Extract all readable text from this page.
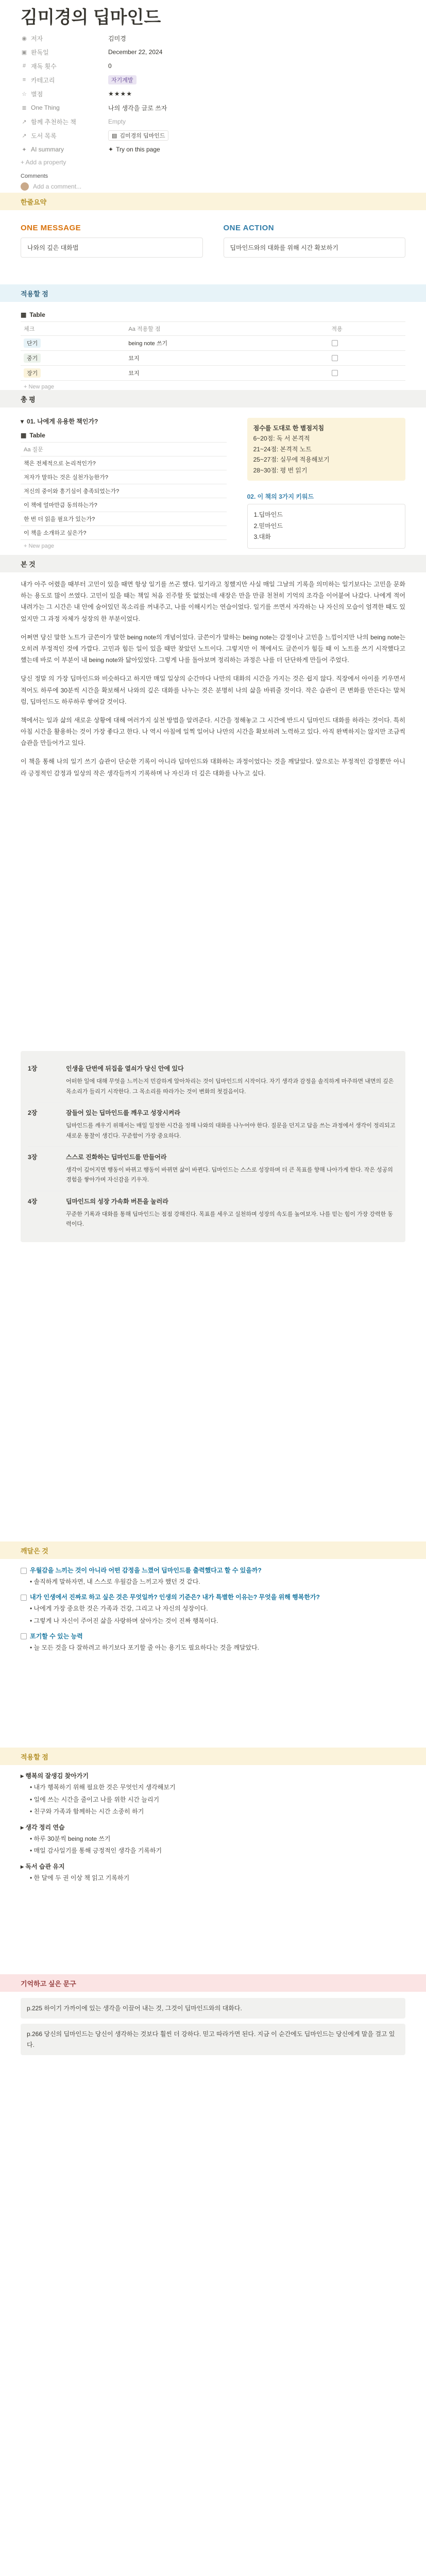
김미경의 딥마인드
◉ 저자	김미경
▣ 완독일	December 22, 2024
# 재독 횟수	0
≡ 카테고리	자기계발
☆ 별점	★★★★
≣ One Thing	나의 생각을 글로 쓰자
↗ 함께 추천하는 책	Empty
↗ 도서 목록	▤ 김미경의 딥마인드
✦ AI summary	✦ Try on this page
+ Add a property
Comments
Add a comment...
한줄요약
ONE MESSAGE
나와의 깊은 대화법
ONE ACTION
딥마인드와의 대화를 위해 시간 확보하기
적용할 점
▦ Table
체크	Aa 적용할 점	적용
단기	being note 쓰기	
중기	묘지	
장기	묘지	
+ New page
총 평
▾ 01. 나에게 유용한 책인가?
▦ Table
Aa 질문	
책은 전체적으로 논리적인가?	
저자가 말하는 것은 실천가능한가?	
저신의 중이와 흥기심이 충족되었는가?	
이 책에 얼마만큼 동의하는가?	
한 번 더 읽을 필요가 있는가?	
이 책을 소개하고 싶은가?	
+ New page
점수를 도대로 한 별점지침
6~20점: 독 서 본격적
21~24점: 본격적 노트
25~27점: 실무에 적용해보기
28~30점: 평 번 읽기
02. 이 책의 3가지 키워드
1.딥마인드
2.믿마인드
3.대화
본 것

내가 아주 어렸을 때부터 고민이 있을 때면 항상 일기를 쓰곤 했다. 일기라고 칭했지만 사실 매일 그날의 기록을 의미하는 일기보다는 고민을 문화하는 용도로 많이 쓰였다. 고민이 있을 때는 책일 처음 진주할 뜻 없었는데 새장은 만을 만큼 천천히 기억의 조각을 이어붙여 나갔다. 나에게 적어 내려가는 그 시간은 내 안에 숨어있던 목소리를 꺼내주고, 나를 이해시키는 연습이었다. 일기를 쓰면서 자각하는 나 자신의 모습이 엄격한 때도 있었지만 그 과정 자체가 성장의 한 부분이었다.

어쩌면 당신 말한 노트가 글쓴이가 말한 being note의 개념이었다. 글쓴이가 말하는 being note는 감정이나 고민을 느낌이지만 나의 being note는 오히려 부정적인 것에 가깝다. 고민과 힘든 일이 있을 때만 찾았던 노트이다. 그렇지만 이 책에서도 글쓴이가 힘들 때 이 노트를 쓰기 시작했다고 했는데 바로 이 부분이 내 being note와 닮아있었다. 그렇게 나를 돌아보며 정리하는 과정은 나를 더 단단하게 만들어 주었다.

당신 정말 의 가장 딥마인드와 비슷하다고 하지만 매일 일상의 순간마다 나만의 대화의 시간을 가지는 것은 쉽지 않다. 직장에서 아이를 키우면서 적어도 하루에 30분씩 시간을 확보해서 나와의 깊은 대화를 나누는 것은 분명히 나의 삶을 바꿔줄 것이다. 작은 습관이 큰 변화를 만든다는 말처럼, 딥마인드도 하루하루 쌓여갈 것이다.

책에서는 일과 삶의 새로운 상황에 대해 여러가지 실천 방법을 알려준다. 시간을 정해놓고 그 시간에 반드시 딥마인드 대화를 하라는 것이다. 특히 아침 시간을 활용하는 것이 가장 좋다고 한다. 나 역시 아침에 일찍 일어나 나만의 시간을 확보하려 노력하고 있다. 아직 완벽하지는 않지만 조금씩 습관을 만들어가고 있다.

이 책을 통해 나의 일기 쓰기 습관이 단순한 기록이 아니라 딥마인드와 대화하는 과정이었다는 것을 깨달았다. 앞으로는 부정적인 감정뿐만 아니라 긍정적인 감정과 일상의 작은 생각들까지 기록하며 나 자신과 더 깊은 대화를 나누고 싶다.

1장	인생을 단번에 뒤집을 열쇠가 당신 안에 있다
어떠한 일에 대해 무엇을 느끼는지 민감하게 알아차리는 것이 딥마인드의 시작이다. 자기 생각과 감정을 솔직하게 마주하면 내면의 깊은 목소리가 들리기 시작한다. 그 목소리를 따라가는 것이 변화의 첫걸음이다.
2장	잠들어 있는 딥마인드를 깨우고 성장시켜라
딥마인드를 깨우기 위해서는 매일 일정한 시간을 정해 나와의 대화를 나누어야 한다. 질문을 던지고 답을 쓰는 과정에서 생각이 정리되고 새로운 통찰이 생긴다. 꾸준함이 가장 중요하다.
3장	스스로 진화하는 딥마인드를 만들어라
생각이 깊어지면 행동이 바뀌고 행동이 바뀌면 삶이 바뀐다. 딥마인드는 스스로 성장하며 더 큰 목표를 향해 나아가게 한다. 작은 성공의 경험을 쌓아가며 자신감을 키우자.
4장	딥마인드의 성장 가속화 버튼을 눌러라
꾸준한 기록과 대화를 통해 딥마인드는 점점 강해진다. 목표를 세우고 실천하며 성장의 속도를 높여보자. 나를 믿는 힘이 가장 강력한 동력이다.
깨달은 것
우월감을 느끼는 것이 아니라 어떤 감정을 느꼈어 딥마인드를 출력했다고 할 수 있을까?
• 솔직하게 말하자면, 내 스스로 우월감을 느끼고자 했던 것 같다.
내가 인생에서 진짜로 하고 싶은 것은 무엇일까? 인생의 기준은? 내가 특별한 이유는? 무엇을 위해 행복한가?
• 나에게 가장 중요한 것은 가족과 건강, 그리고 나 자신의 성장이다.
• 그렇게 나 자신이 주어진 삶을 사랑하며 살아가는 것이 진짜 행복이다.
포기할 수 있는 능력
• 늘 모든 것을 다 잘하려고 하기보다 포기할 줄 아는 용기도 필요하다는 것을 깨달았다.
적용할 점
▸ 행복의 잘생김 찾아가기
• 내가 행복하기 위해 필요한 것은 무엇인지 생각해보기
• 일에 쓰는 시간을 줄이고 나를 위한 시간 늘리기
• 친구와 가족과 함께하는 시간 소중히 하기
▸ 생각 정리 연습
• 하루 30분씩 being note 쓰기
• 매일 감사일기를 통해 긍정적인 생각을 기록하기
▸ 독서 습관 유지
• 한 달에 두 권 이상 책 읽고 기록하기
기억하고 싶은 문구
p.225 하이기 가까이에 있는 생각을 이끌어 내는 것, 그것이 딥마인드와의 대화다.
p.266 당신의 딥마인드는 당신이 생각하는 것보다 훨씬 더 강하다. 믿고 따라가면 된다. 지금 이 순간에도 딥마인드는 당신에게 말을 걸고 있다.
